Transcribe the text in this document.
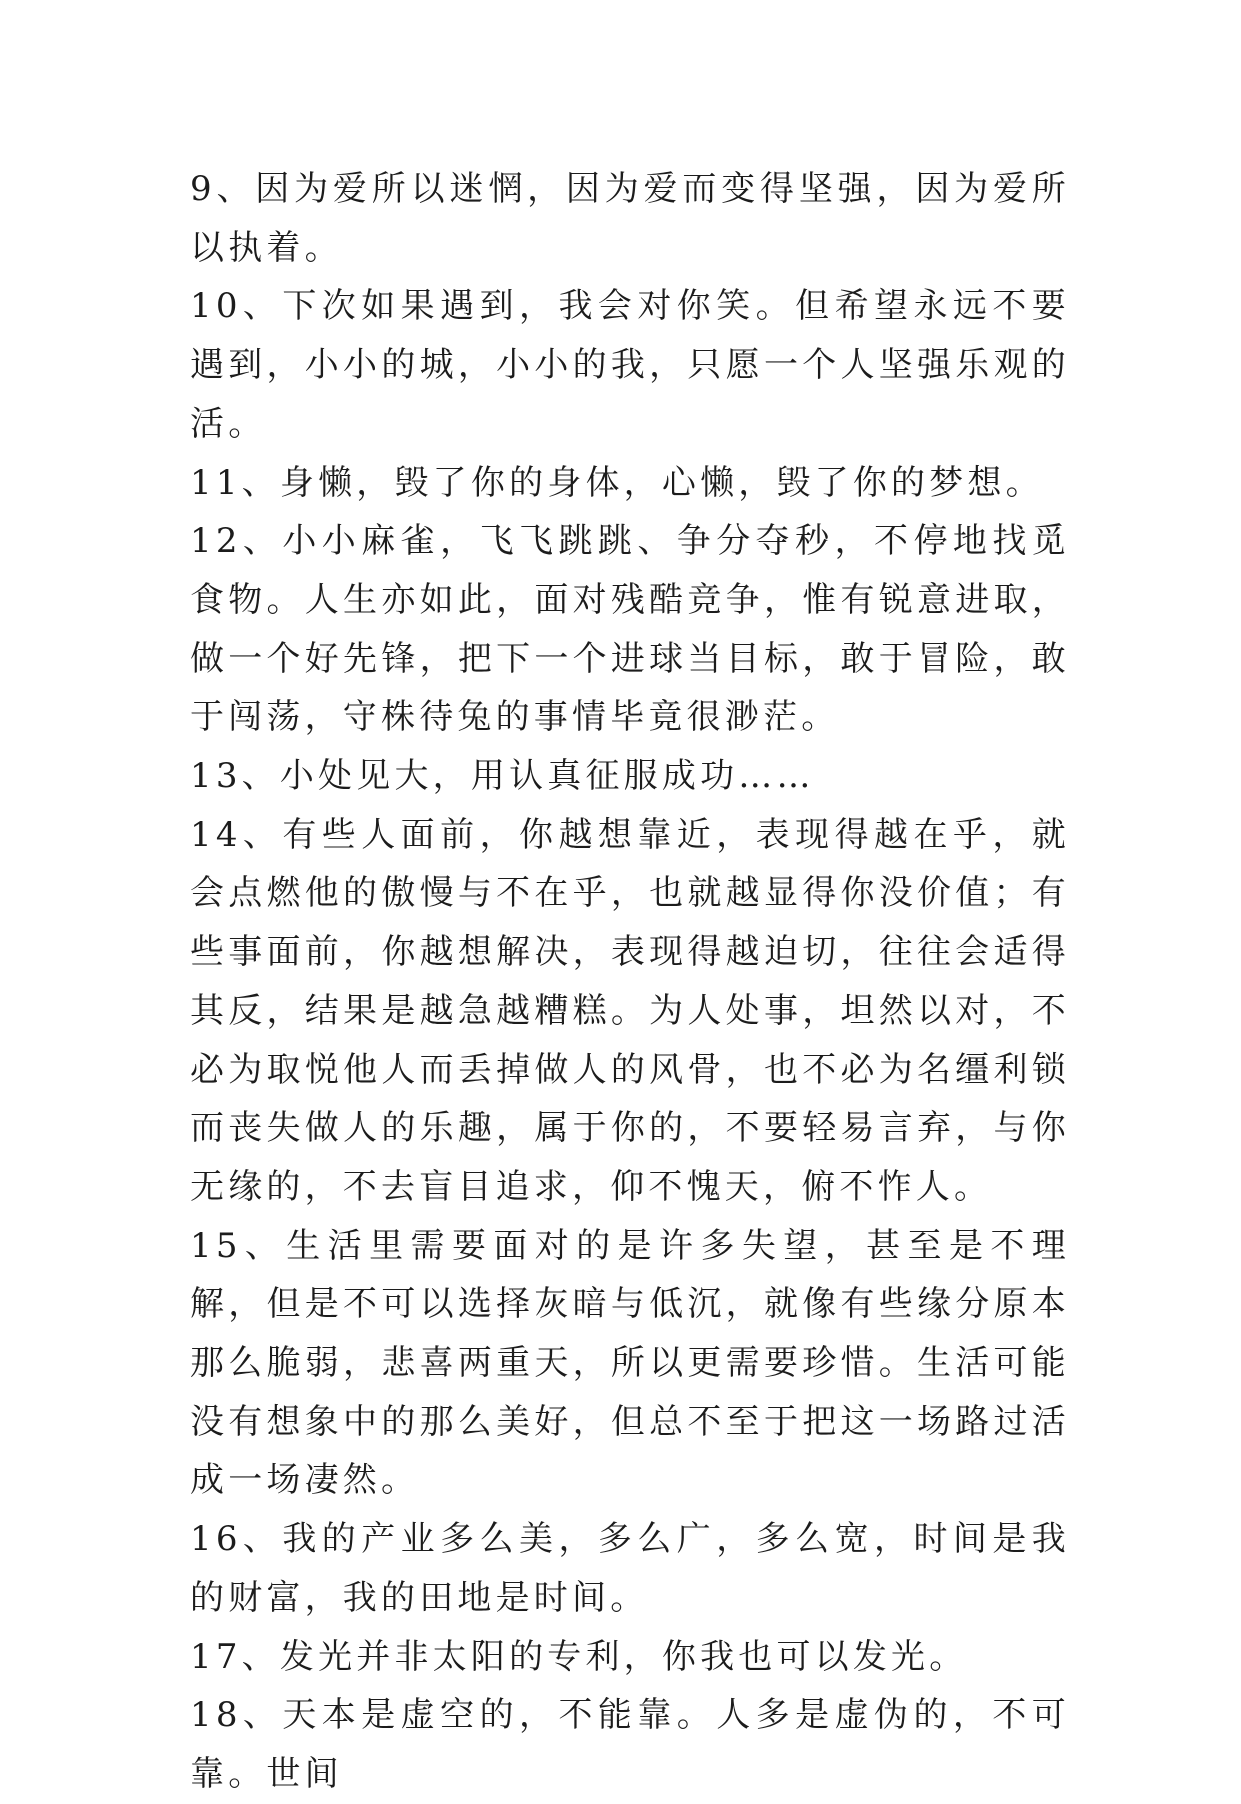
9、因为爱所以迷惘，因为爱而变得坚强，因为爱所以执着。

10、下次如果遇到，我会对你笑。但希望永远不要遇到，小小的城，小小的我，只愿一个人坚强乐观的活。

11、身懒，毁了你的身体，心懒，毁了你的梦想。

12、小小麻雀，飞飞跳跳、争分夺秒，不停地找觅食物。人生亦如此，面对残酷竞争，惟有锐意进取，做一个好先锋，把下一个进球当目标，敢于冒险，敢于闯荡，守株待兔的事情毕竟很渺茫。

13、小处见大，用认真征服成功……

14、有些人面前，你越想靠近，表现得越在乎，就会点燃他的傲慢与不在乎，也就越显得你没价值；有些事面前，你越想解决，表现得越迫切，往往会适得其反，结果是越急越糟糕。为人处事，坦然以对，不必为取悦他人而丢掉做人的风骨，也不必为名缰利锁而丧失做人的乐趣，属于你的，不要轻易言弃，与你无缘的，不去盲目追求，仰不愧天，俯不怍人。

15、生活里需要面对的是许多失望，甚至是不理解，但是不可以选择灰暗与低沉，就像有些缘分原本那么脆弱，悲喜两重天，所以更需要珍惜。生活可能没有想象中的那么美好，但总不至于把这一场路过活成一场凄然。

16、我的产业多么美，多么广，多么宽，时间是我的财富，我的田地是时间。

17、发光并非太阳的专利，你我也可以发光。

18、天本是虚空的，不能靠。人多是虚伪的，不可靠。世间
